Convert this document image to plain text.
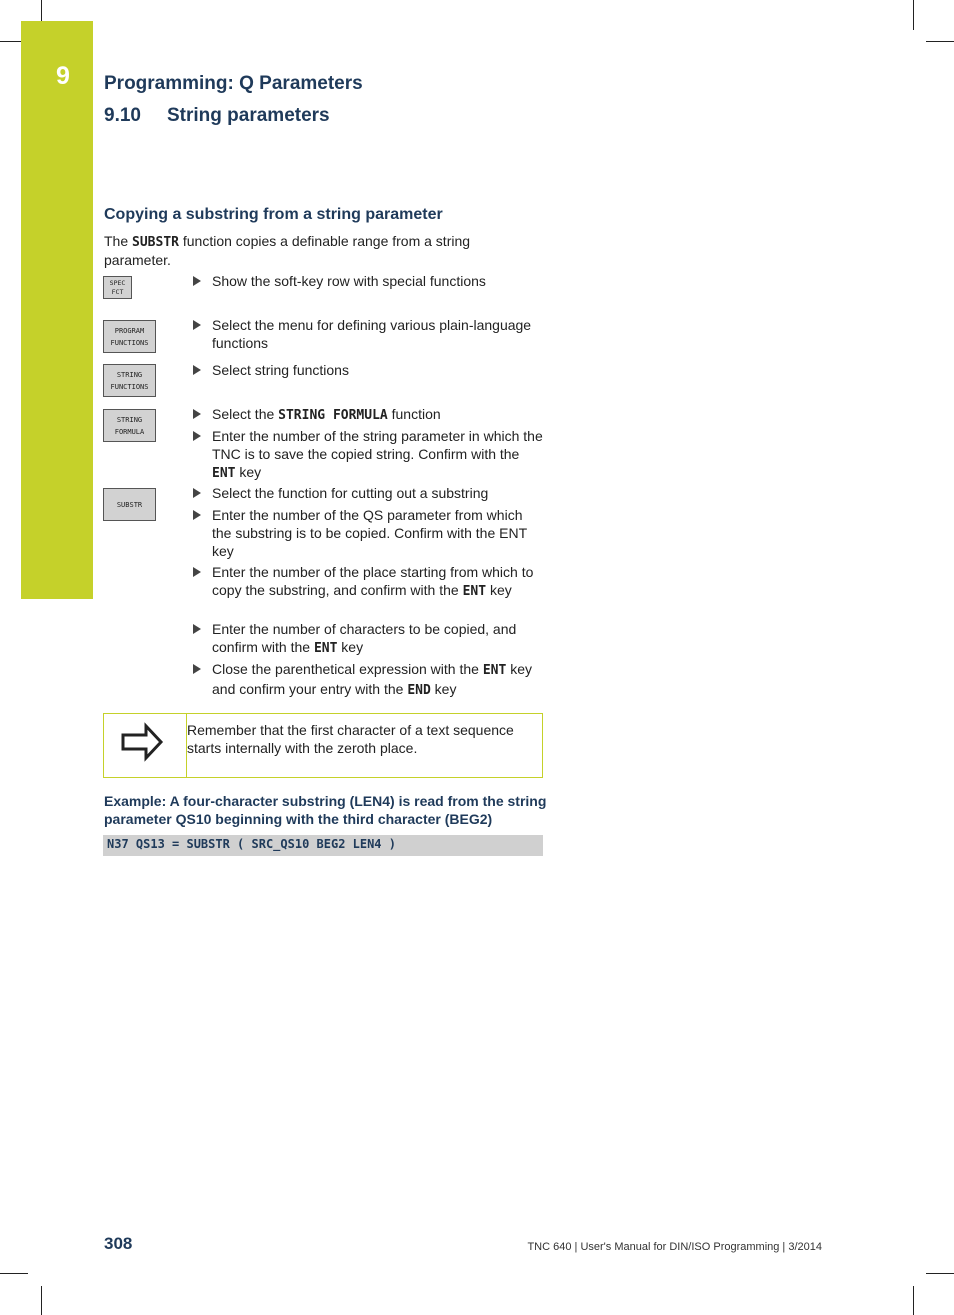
9 Programming: Q Parameters
9.10 String parameters
Copying a substring from a string parameter
The SUBSTR function copies a definable range from a string parameter.
SPEC
FCT
PROGRAM
FUNCTIONS
STRING
FUNCTIONS
STRING
FORMULA
SUBSTR
Show the soft-key row with special functions
Select the menu for defining various plain-language functions
Select string functions
Select the STRING FORMULA function
Enter the number of the string parameter in which the TNC is to save the copied string. Confirm with the ENT key
Select the function for cutting out a substring
Enter the number of the QS parameter from which the substring is to be copied. Confirm with the ENT key
Enter the number of the place starting from which to copy the substring, and confirm with the ENT key
Enter the number of characters to be copied, and confirm with the ENT key
Close the parenthetical expression with the ENT key and confirm your entry with the END key
Remember that the first character of a text sequence starts internally with the zeroth place.
Example: A four-character substring (LEN4) is read from the string parameter QS10 beginning with the third character (BEG2)
N37 QS13 = SUBSTR ( SRC_QS10 BEG2 LEN4 )
308	TNC 640 | User's Manual for DIN/ISO Programming | 3/2014
